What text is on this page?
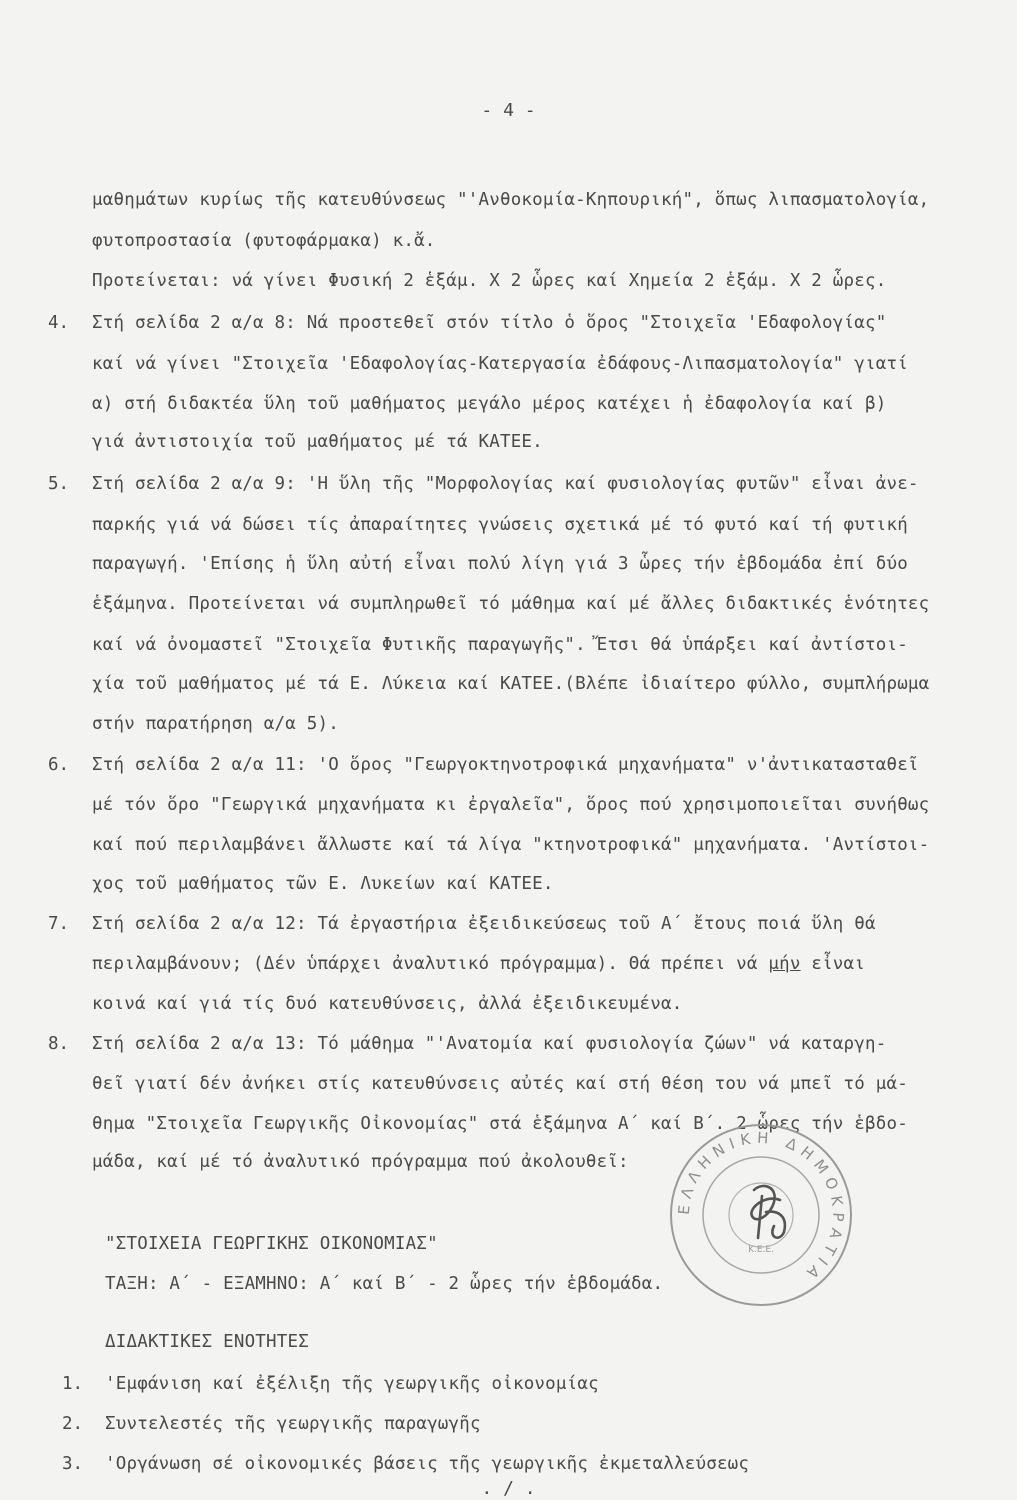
- 4 -
μαθημάτων κυρίως τῆς κατευθύνσεως "'Ανθοκομία-Κηπουρική", ὅπως λιπασματολογία,
φυτοπροστασία (φυτοφάρμακα) κ.ἄ.
Προτείνεται: νά γίνει Φυσική 2 ἑξάμ. Χ 2 ὧρες καί Χημεία 2 ἑξάμ. Χ 2 ὧρες.
4. Στή σελίδα 2 α/α 8: Νά προστεθεῖ στόν τίτλο ὁ ὅρος "Στοιχεῖα 'Εδαφολογίας"
καί νά γίνει "Στοιχεῖα 'Εδαφολογίας-Κατεργασία ἐδάφους-Λιπασματολογία" γιατί
α) στή διδακτέα ὕλη τοῦ μαθήματος μεγάλο μέρος κατέχει ἡ ἐδαφολογία καί β)
γιά ἀντιστοιχία τοῦ μαθήματος μέ τά ΚΑΤΕΕ.
5. Στή σελίδα 2 α/α 9: 'Η ὕλη τῆς "Μορφολογίας καί φυσιολογίας φυτῶν" εἶναι ἀνε-
παρκής γιά νά δώσει τίς ἀπαραίτητες γνώσεις σχετικά μέ τό φυτό καί τή φυτική
παραγωγή. 'Επίσης ἡ ὕλη αὐτή εἶναι πολύ λίγη γιά 3 ὧρες τήν ἑβδομάδα ἐπί δύο
ἑξάμηνα. Προτείνεται νά συμπληρωθεῖ τό μάθημα καί μέ ἄλλες διδακτικές ἑνότητες
καί νά ὀνομαστεῖ "Στοιχεῖα Φυτικῆς παραγωγῆς". Ἔτσι θά ὑπάρξει καί ἀντίστοι-
χία τοῦ μαθήματος μέ τά Ε. Λύκεια καί ΚΑΤΕΕ.(Βλέπε ἰδιαίτερο φύλλο, συμπλήρωμα
στήν παρατήρηση α/α 5).
6. Στή σελίδα 2 α/α 11: 'Ο ὅρος "Γεωργοκτηνοτροφικά μηχανήματα" ν'ἀντικατασταθεῖ
μέ τόν ὅρο "Γεωργικά μηχανήματα κι ἐργαλεῖα", ὅρος πού χρησιμοποιεῖται συνήθως
καί πού περιλαμβάνει ἄλλωστε καί τά λίγα "κτηνοτροφικά" μηχανήματα. 'Αντίστοι-
χος τοῦ μαθήματος τῶν Ε. Λυκείων καί ΚΑΤΕΕ.
7. Στή σελίδα 2 α/α 12: Τά ἐργαστήρια ἐξειδικεύσεως τοῦ Α΄ ἔτους ποιά ὕλη θά
περιλαμβάνουν; (Δέν ὑπάρχει ἀναλυτικό πρόγραμμα). Θά πρέπει νά μήν εἶναι
κοινά καί γιά τίς δυό κατευθύνσεις, ἀλλά ἐξειδικευμένα.
8. Στή σελίδα 2 α/α 13: Τό μάθημα "'Ανατομία καί φυσιολογία ζώων" νά καταργη-
θεῖ γιατί δέν ἀνήκει στίς κατευθύνσεις αὐτές καί στή θέση του νά μπεῖ τό μά-
θημα "Στοιχεῖα Γεωργικῆς Οἰκονομίας" στά ἑξάμηνα Α΄ καί Β΄. 2 ὧρες τήν ἑβδο-
μάδα, καί μέ τό ἀναλυτικό πρόγραμμα πού ἀκολουθεῖ:
"ΣΤΟΙΧΕΙΑ ΓΕΩΡΓΙΚΗΣ ΟΙΚΟΝΟΜΙΑΣ"
ΤΑΞΗ: Α΄ - ΕΞΑΜΗΝΟ: Α΄ καί Β΄ - 2 ὧρες τήν ἑβδομάδα.
ΔΙΔΑΚΤΙΚΕΣ ΕΝΟΤΗΤΕΣ
1. 'Εμφάνιση καί ἐξέλιξη τῆς γεωργικῆς οἰκονομίας
2. Συντελεστές τῆς γεωργικῆς παραγωγῆς
3. 'Οργάνωση σέ οἰκονομικές βάσεις τῆς γεωργικῆς ἐκμεταλλεύσεως
. / .
ΕΛΛΗΝΙΚΗ ΔΗΜΟΚΡΑΤΙΑ
Κ.Ε.Ε.
